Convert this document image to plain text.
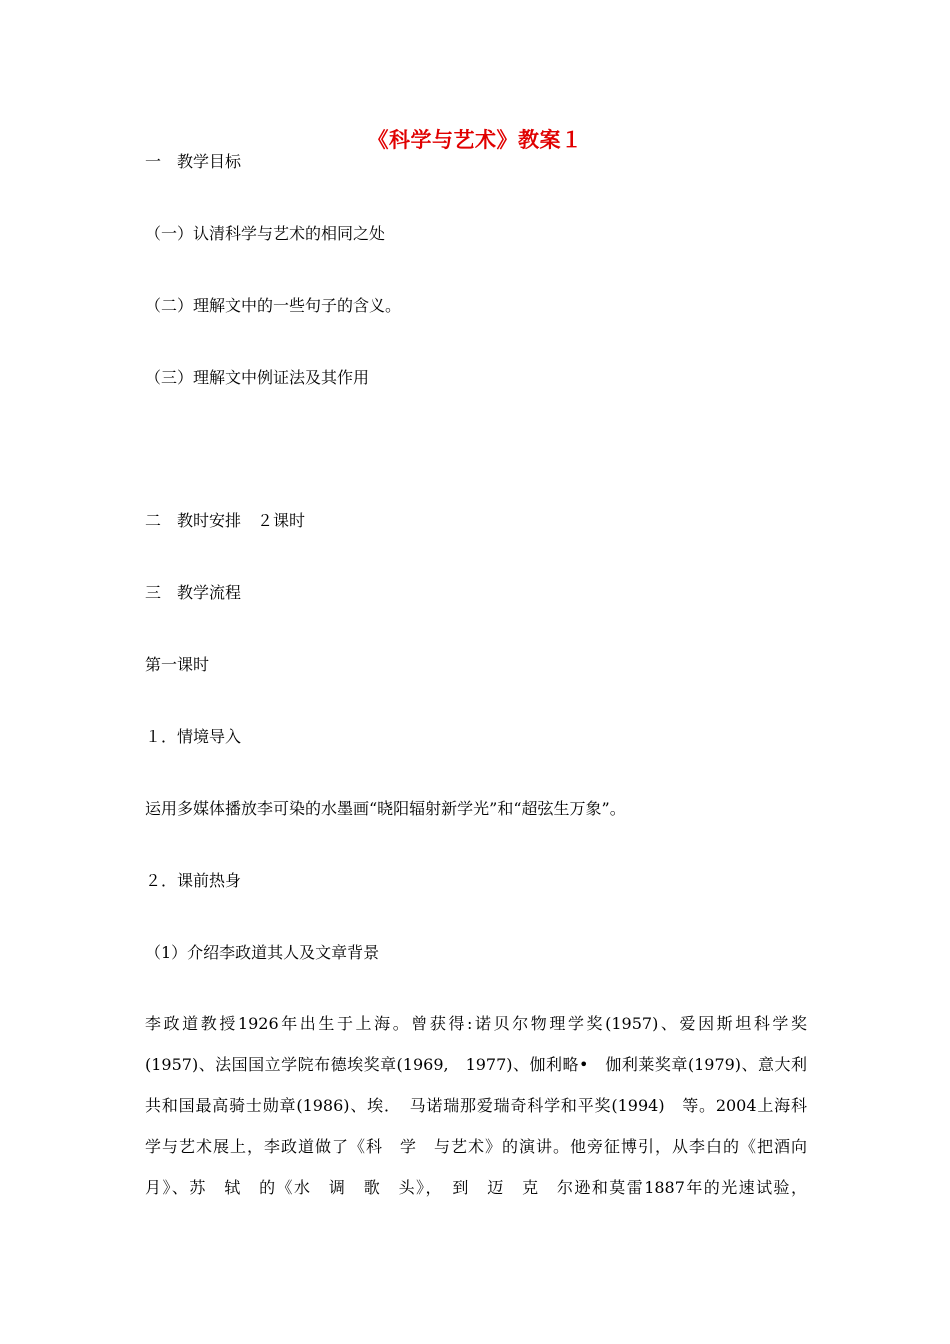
《科学与艺术》教案１
一　教学目标
（一）认清科学与艺术的相同之处
（二）理解文中的一些句子的含义。
（三）理解文中例证法及其作用
二　教时安排　２课时
三　教学流程
第一课时
１．情境导入
运用多媒体播放李可染的水墨画“晓阳辐射新学光”和“超弦生万象”。
２．课前热身
（1）介绍李政道其人及文章背景
李政道教授1926年出生于上海。曾获得:诺贝尔物理学奖(1957)、爱因斯坦科学奖
(1957)、法国国立学院布德埃奖章(1969,　1977)、伽利略•　伽利莱奖章(1979)、意大利
共和国最高骑士勋章(1986)、埃．　马诺瑞那爱瑞奇科学和平奖(1994)　等。2004上海科
学与艺术展上，李政道做了《科　学　与艺术》的演讲。他旁征博引，从李白的《把酒向
月》、苏　轼　的《水　调　歌　头》，　到　迈　克　尔逊和莫雷1887年的光速试验，
